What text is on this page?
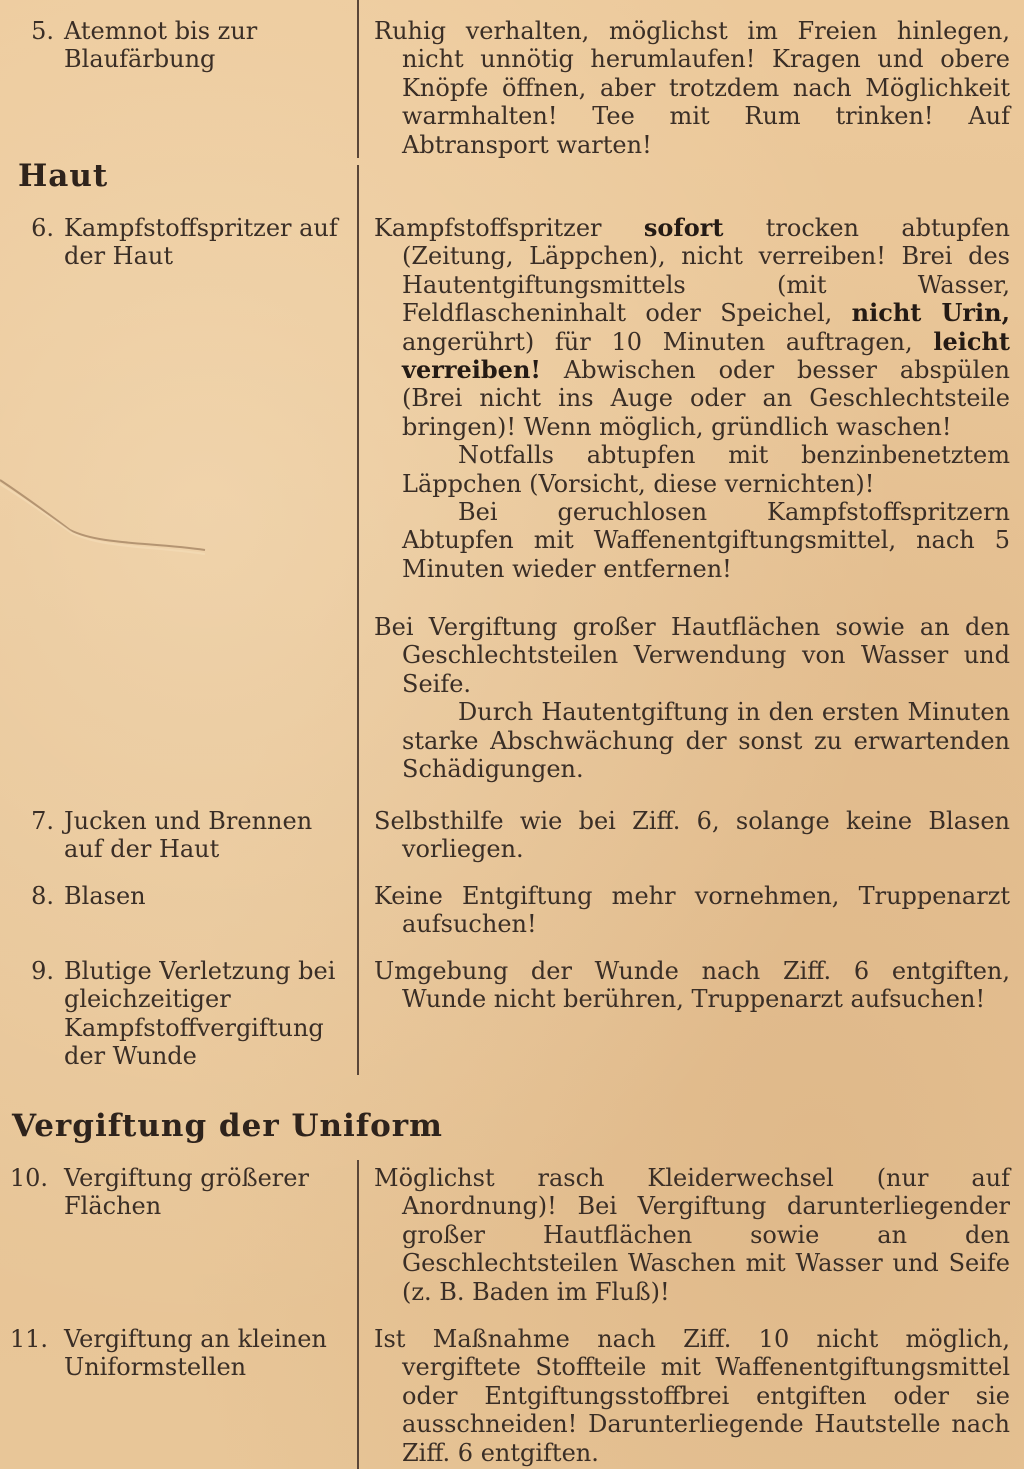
5. Atemnot bis zur Blaufärbung

Ruhig verhalten, möglichst im Freien hinlegen, nicht unnötig herumlaufen! Kragen und obere Knöpfe öffnen, aber trotzdem nach Möglichkeit warmhalten! Tee mit Rum trinken! Auf Abtransport warten!

Haut
6. Kampfstoffspritzer auf der Haut

Kampfstoffspritzer sofort trocken abtupfen (Zeitung, Läppchen), nicht verreiben! Brei des Hautentgiftungsmittels (mit Wasser, Feldflascheninhalt oder Speichel, nicht Urin, angerührt) für 10 Minuten auftragen, leicht verreiben! Abwischen oder besser abspülen (Brei nicht ins Auge oder an Geschlechtsteile bringen)! Wenn möglich, gründlich waschen!

Notfalls abtupfen mit benzinbenetztem Läppchen (Vorsicht, diese vernichten)!

Bei geruchlosen Kampfstoffspritzern Abtupfen mit Waffenentgiftungsmittel, nach 5 Minuten wieder entfernen!

Bei Vergiftung großer Hautflächen sowie an den Geschlechtsteilen Verwendung von Wasser und Seife.

Durch Hautentgiftung in den ersten Minuten starke Abschwächung der sonst zu erwartenden Schädigungen.

7. Jucken und Brennen auf der Haut

Selbsthilfe wie bei Ziff. 6, solange keine Blasen vorliegen.

8. Blasen	Keine Entgiftung mehr vornehmen, Truppenarzt aufsuchen!

9. Blutige Verletzung bei gleichzeitiger Kampfstoffvergiftung der Wunde

Umgebung der Wunde nach Ziff. 6 entgiften, Wunde nicht berühren, Truppenarzt aufsuchen!

Vergiftung der Uniform
10. Vergiftung größerer Flächen

Möglichst rasch Kleiderwechsel (nur auf Anordnung)! Bei Vergiftung darunterliegender großer Hautflächen sowie an den Geschlechtsteilen Waschen mit Wasser und Seife (z. B. Baden im Fluß)!

11. Vergiftung an kleinen Uniformstellen

Ist Maßnahme nach Ziff. 10 nicht möglich, vergiftete Stoffteile mit Waffenentgiftungsmittel oder Entgiftungsstoffbrei entgiften oder sie ausschneiden! Darunterliegende Hautstelle nach Ziff. 6 entgiften.
